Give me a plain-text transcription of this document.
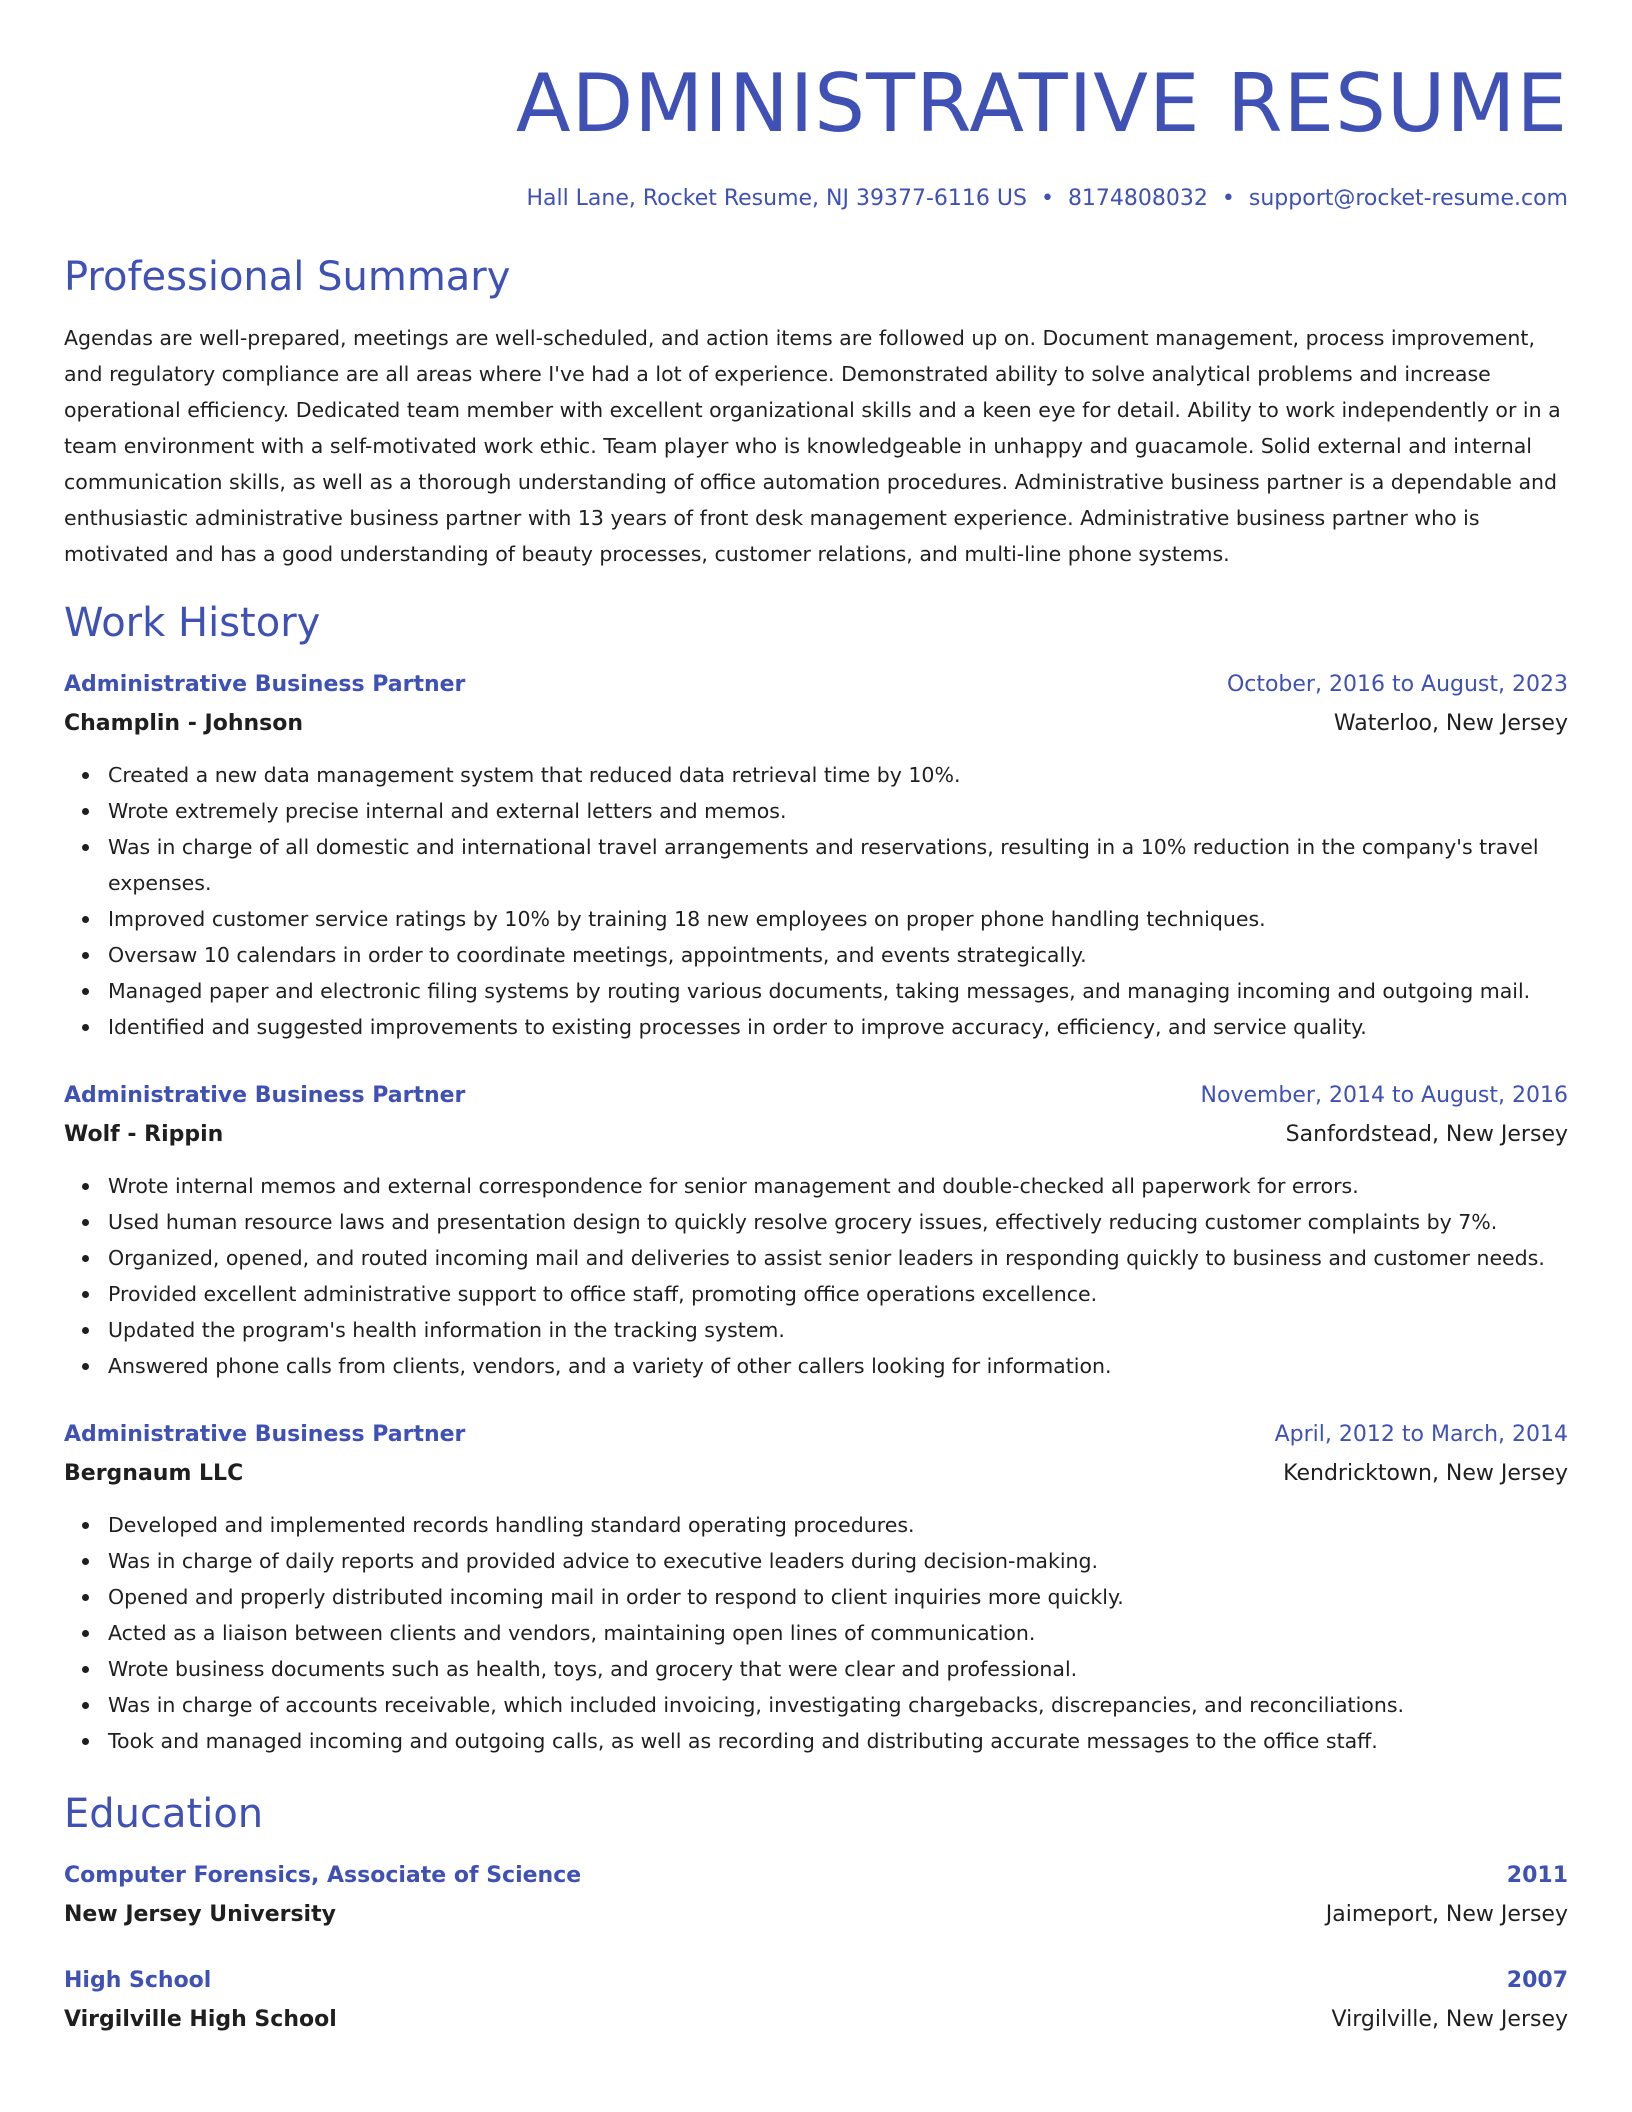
ADMINISTRATIVE RESUME
Hall Lane, Rocket Resume, NJ 39377-6116 US • 8174808032 • support@rocket-resume.com
Professional Summary

Agendas are well-prepared, meetings are well-scheduled, and action items are followed up on. Document management, process improvement, and regulatory compliance are all areas where I've had a lot of experience. Demonstrated ability to solve analytical problems and increase operational efficiency. Dedicated team member with excellent organizational skills and a keen eye for detail. Ability to work independently or in a team environment with a self-motivated work ethic. Team player who is knowledgeable in unhappy and guacamole. Solid external and internal communication skills, as well as a thorough understanding of office automation procedures. Administrative business partner is a dependable and enthusiastic administrative business partner with 13 years of front desk management experience. Administrative business partner who is motivated and has a good understanding of beauty processes, customer relations, and multi-line phone systems.

Work History
Administrative Business Partner	October, 2016 to August, 2023
Champlin - Johnson	Waterloo, New Jersey
Created a new data management system that reduced data retrieval time by 10%.
Wrote extremely precise internal and external letters and memos.
Was in charge of all domestic and international travel arrangements and reservations, resulting in a 10% reduction in the company's travel expenses.
Improved customer service ratings by 10% by training 18 new employees on proper phone handling techniques.
Oversaw 10 calendars in order to coordinate meetings, appointments, and events strategically.
Managed paper and electronic filing systems by routing various documents, taking messages, and managing incoming and outgoing mail.
Identified and suggested improvements to existing processes in order to improve accuracy, efficiency, and service quality.
Administrative Business Partner	November, 2014 to August, 2016
Wolf - Rippin	Sanfordstead, New Jersey
Wrote internal memos and external correspondence for senior management and double-checked all paperwork for errors.
Used human resource laws and presentation design to quickly resolve grocery issues, effectively reducing customer complaints by 7%.
Organized, opened, and routed incoming mail and deliveries to assist senior leaders in responding quickly to business and customer needs.
Provided excellent administrative support to office staff, promoting office operations excellence.
Updated the program's health information in the tracking system.
Answered phone calls from clients, vendors, and a variety of other callers looking for information.
Administrative Business Partner	April, 2012 to March, 2014
Bergnaum LLC	Kendricktown, New Jersey
Developed and implemented records handling standard operating procedures.
Was in charge of daily reports and provided advice to executive leaders during decision-making.
Opened and properly distributed incoming mail in order to respond to client inquiries more quickly.
Acted as a liaison between clients and vendors, maintaining open lines of communication.
Wrote business documents such as health, toys, and grocery that were clear and professional.
Was in charge of accounts receivable, which included invoicing, investigating chargebacks, discrepancies, and reconciliations.
Took and managed incoming and outgoing calls, as well as recording and distributing accurate messages to the office staff.
Education
Computer Forensics, Associate of Science	2011
New Jersey University	Jaimeport, New Jersey
High School	2007
Virgilville High School	Virgilville, New Jersey
